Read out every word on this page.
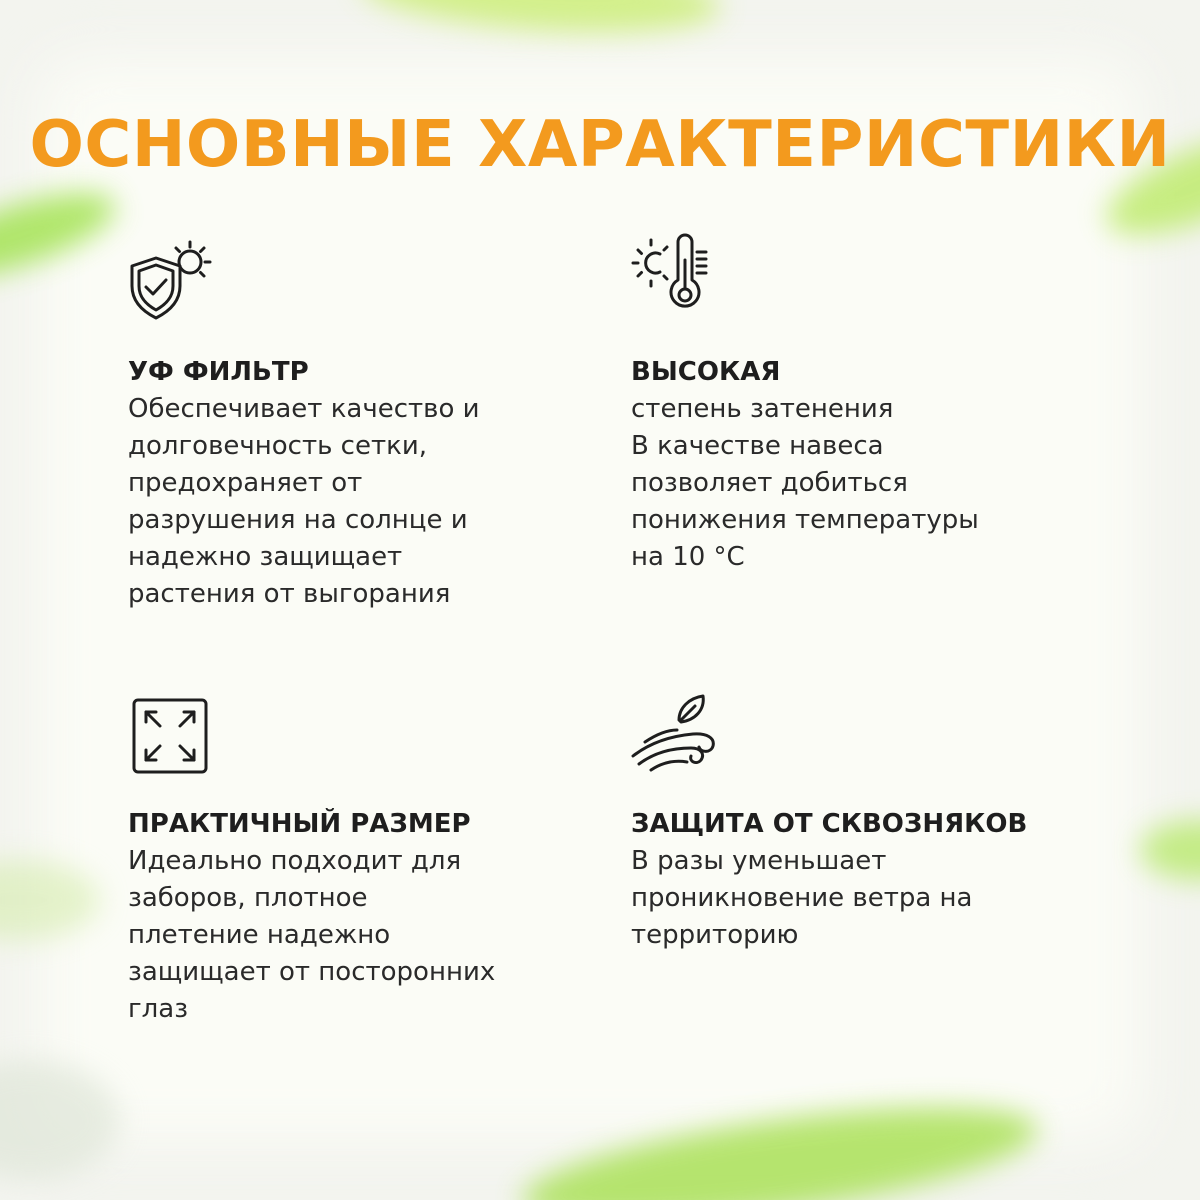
ОСНОВНЫЕ ХАРАКТЕРИСТИКИ

УФ ФИЛЬТР

Обеспечивает качество и
долговечность сетки,
предохраняет от
разрушения на солнце и
надежно защищает
растения от выгорания

ВЫСОКАЯ

степень затенения
В качестве навеса
позволяет добиться
понижения температуры
на 10 °C

ПРАКТИЧНЫЙ РАЗМЕР

Идеально подходит для
заборов, плотное
плетение надежно
защищает от посторонних
глаз

ЗАЩИТА ОТ СКВОЗНЯКОВ

В разы уменьшает
проникновение ветра на
территорию
